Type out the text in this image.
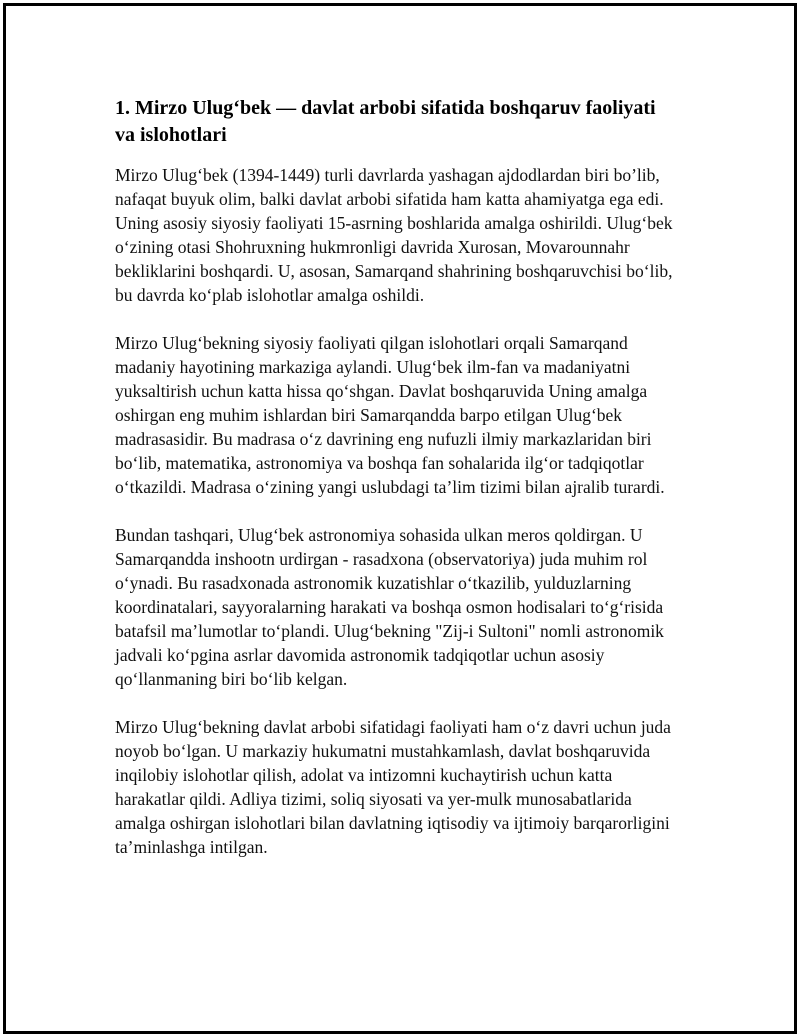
1. Mirzo Ulug‘bek — davlat arbobi sifatida boshqaruv faoliyati va islohotlari

Mirzo Ulug‘bek (1394-1449) turli davrlarda yashagan ajdodlardan biri bo’lib, nafaqat buyuk olim, balki davlat arbobi sifatida ham katta ahamiyatga ega edi. Uning asosiy siyosiy faoliyati 15-asrning boshlarida amalga oshirildi. Ulug‘bek o‘zining otasi Shohruxning hukmronligi davrida Xurosan, Movarounnahr bekliklarini boshqardi. U, asosan, Samarqand shahrining boshqaruvchisi bo‘lib, bu davrda ko‘plab islohotlar amalga oshildi.

Mirzo Ulug‘bekning siyosiy faoliyati qilgan islohotlari orqali Samarqand madaniy hayotining markaziga aylandi. Ulug‘bek ilm-fan va madaniyatni yuksaltirish uchun katta hissa qo‘shgan. Davlat boshqaruvida Uning amalga oshirgan eng muhim ishlardan biri Samarqandda barpo etilgan Ulug‘bek madrasasidir. Bu madrasa o‘z davrining eng nufuzli ilmiy markazlaridan biri bo‘lib, matematika, astronomiya va boshqa fan sohalarida ilg‘or tadqiqotlar o‘tkazildi. Madrasa o‘zining yangi uslubdagi ta’lim tizimi bilan ajralib turardi.

Bundan tashqari, Ulug‘bek astronomiya sohasida ulkan meros qoldirgan. U Samarqandda inshootn urdirgan - rasadxona (observatoriya) juda muhim rol o‘ynadi. Bu rasadxonada astronomik kuzatishlar o‘tkazilib, yulduzlarning koordinatalari, sayyoralarning harakati va boshqa osmon hodisalari to‘g‘risida batafsil ma’lumotlar to‘plandi. Ulug‘bekning "Zij-i Sultoni" nomli astronomik jadvali ko‘pgina asrlar davomida astronomik tadqiqotlar uchun asosiy qo‘llanmaning biri bo‘lib kelgan.

Mirzo Ulug‘bekning davlat arbobi sifatidagi faoliyati ham o‘z davri uchun juda noyob bo‘lgan. U markaziy hukumatni mustahkamlash, davlat boshqaruvida inqilobiy islohotlar qilish, adolat va intizomni kuchaytirish uchun katta harakatlar qildi. Adliya tizimi, soliq siyosati va yer-mulk munosabatlarida amalga oshirgan islohotlari bilan davlatning iqtisodiy va ijtimoiy barqarorligini ta’minlashga intilgan.
